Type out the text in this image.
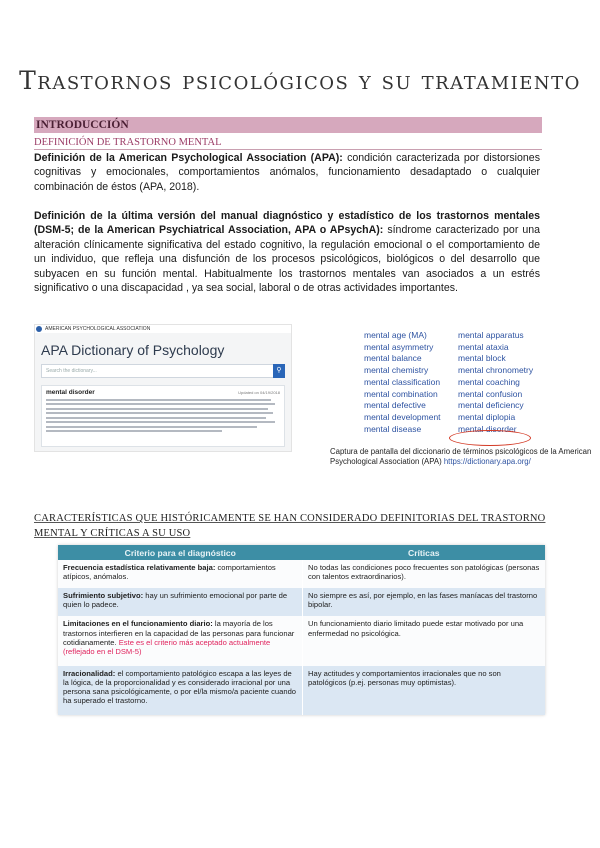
Trastornos psicológicos y su tratamiento
INTRODUCCIÓN
DEFINICIÓN DE TRASTORNO MENTAL
Definición de la American Psychological Association (APA): condición caracterizada por distorsiones cognitivas y emocionales, comportamientos anómalos, funcionamiento desadaptado o cualquier combinación de éstos (APA, 2018).
Definición de la última versión del manual diagnóstico y estadístico de los trastornos mentales (DSM-5; de la American Psychiatrical Association, APA o APsychA): síndrome caracterizado por una alteración clínicamente significativa del estado cognitivo, la regulación emocional o el comportamiento de un individuo, que refleja una disfunción de los procesos psicológicos, biológicos o del desarrollo que subyacen en su función mental. Habitualmente los trastornos mentales van asociados a un estrés significativo o una discapacidad , ya sea social, laboral o de otras actividades importantes.
AMERICAN PSYCHOLOGICAL ASSOCIATION
APA Dictionary of Psychology
Search the dictionary...	⚲
mental disorder	Updated on 04/19/2018
mental age (MA)
mental asymmetry
mental balance
mental chemistry
mental classification
mental combination
mental defective
mental development
mental disease
mental apparatus
mental ataxia
mental block
mental chronometry
mental coaching
mental confusion
mental deficiency
mental diplopia
mental disorder
Captura de pantalla del diccionario de términos psicológicos de la American Psychological Association (APA) https://dictionary.apa.org/
CARACTERÍSTICAS QUE HISTÓRICAMENTE SE HAN CONSIDERADO DEFINITORIAS DEL TRASTORNO MENTAL Y CRÍTICAS A SU USO
Criterio para el diagnóstico	Críticas
Frecuencia estadística relativamente baja: comportamientos atípicos, anómalos.	No todas las condiciones poco frecuentes son patológicas (personas con talentos extraordinarios).
Sufrimiento subjetivo: hay un sufrimiento emocional por parte de quien lo padece.	No siempre es así, por ejemplo, en las fases maníacas del trastorno bipolar.
Limitaciones en el funcionamiento diario: la mayoría de los trastornos interfieren en la capacidad de las personas para funcionar cotidianamente. Este es el criterio más aceptado actualmente (reflejado en el DSM-5)	Un funcionamiento diario limitado puede estar motivado por una enfermedad no psicológica.
Irracionalidad: el comportamiento patológico escapa a las leyes de la lógica, de la proporcionalidad y es considerado irracional por una persona sana psicológicamente, o por el/la mismo/a paciente cuando ha superado el trastorno.	Hay actitudes y comportamientos irracionales que no son patológicos (p.ej. personas muy optimistas).
